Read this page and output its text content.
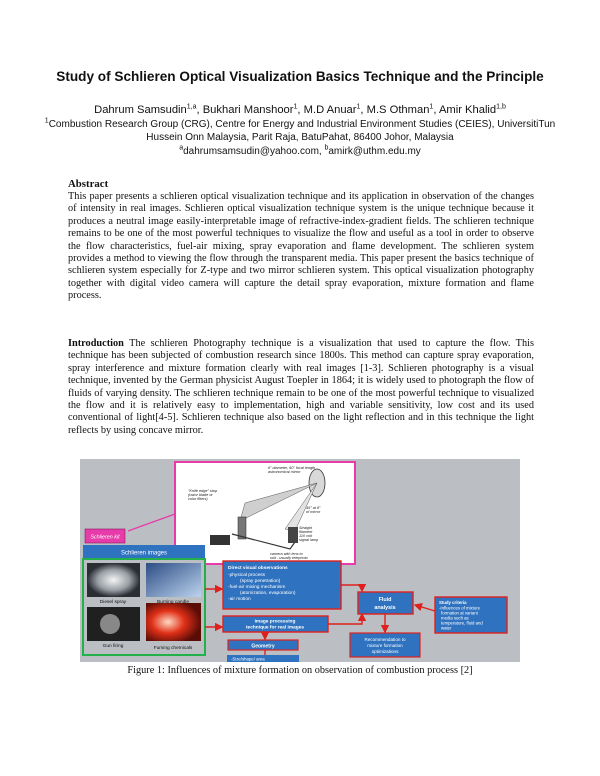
Study of Schlieren Optical Visualization Basics Technique and the Principle
Dahrum Samsudin$^{1,a}$, Bukhari Manshoor$^1$, M.D Anuar$^1$, M.S Othman$^1$, Amir Khalid$^{1,b}$
$^1$Combustion Research Group (CRG), Centre for Energy and Industrial Environment Studies (CEIES), UniversitiTun Hussein Onn Malaysia, Parit Raja, BatuPahat, 86400 Johor, Malaysia
$^a$dahrumsamsudin@yahoo.com, $^b$amirk@uthm.edu.my
Abstract

This paper presents a schlieren optical visualization technique and its application in observation of the changes of intensity in real images. Schlieren optical visualization technique system is the unique technique because it produces a neutral image easily-interpretable image of refractive-index-gradient fields. The schlieren technique remains to be one of the most powerful techniques to visualize the flow and useful as a tool in order to observe the flow characteristics, fuel-air mixing, spray evaporation and flame development. The schlieren system provides a method to viewing the flow through the transparent media. This paper present the basics technique of schlieren system especially for Z-type and two mirror schlieren system. This optical visualization photography together with digital video camera will capture the detail spray evaporation, mixture formation and flame process.

Introduction The schlieren Photography technique is a visualization that used to capture the flow. This technique has been subjected of combustion research since 1800s. This method can capture spray evaporation, spray interference and mixture formation clearly with real images [1-3]. Schlieren photography is a visual technique, invented by the German physicist August Toepler in 1864; it is widely used to photograph the flow of fluids of varying density. The schlieren technique remain to be one of the most powerful technique to visualized the flow and it is relatively easy to implementation, high and variable sensitivity, low cost and its used conventional of light[4-5]. Schlieren technique also based on the light reflection and in this technique the light reflects by using concave mirror.

6" diameter, 60" focal length
astronomical mirror
"Knife edge" stop
(razor blade or
color filters)
45° at 8"
of mirror
Straight
filament
110 volt
signal lamp
camera with lens to
suit - usually telephoto
Schlieren kit
Schlieren images
Diesel spray	Burning candle
Gun firing	Fuming chemicals
Direct visual observations
-physical process
(spray penetration)
-fuel-air mixing mechanism
(atomization, evaporation)
-air motion
Image processing
technique for real images
Geometry
-Size/shape/ area
Fluid
analysis
Study criteria
-Influences of mixture
formation at variant
media such as
temperature, fluid and
water
Recommendation to
mixture formation
optimizations
Figure 1: Influences of mixture formation on observation of combustion process [2]
